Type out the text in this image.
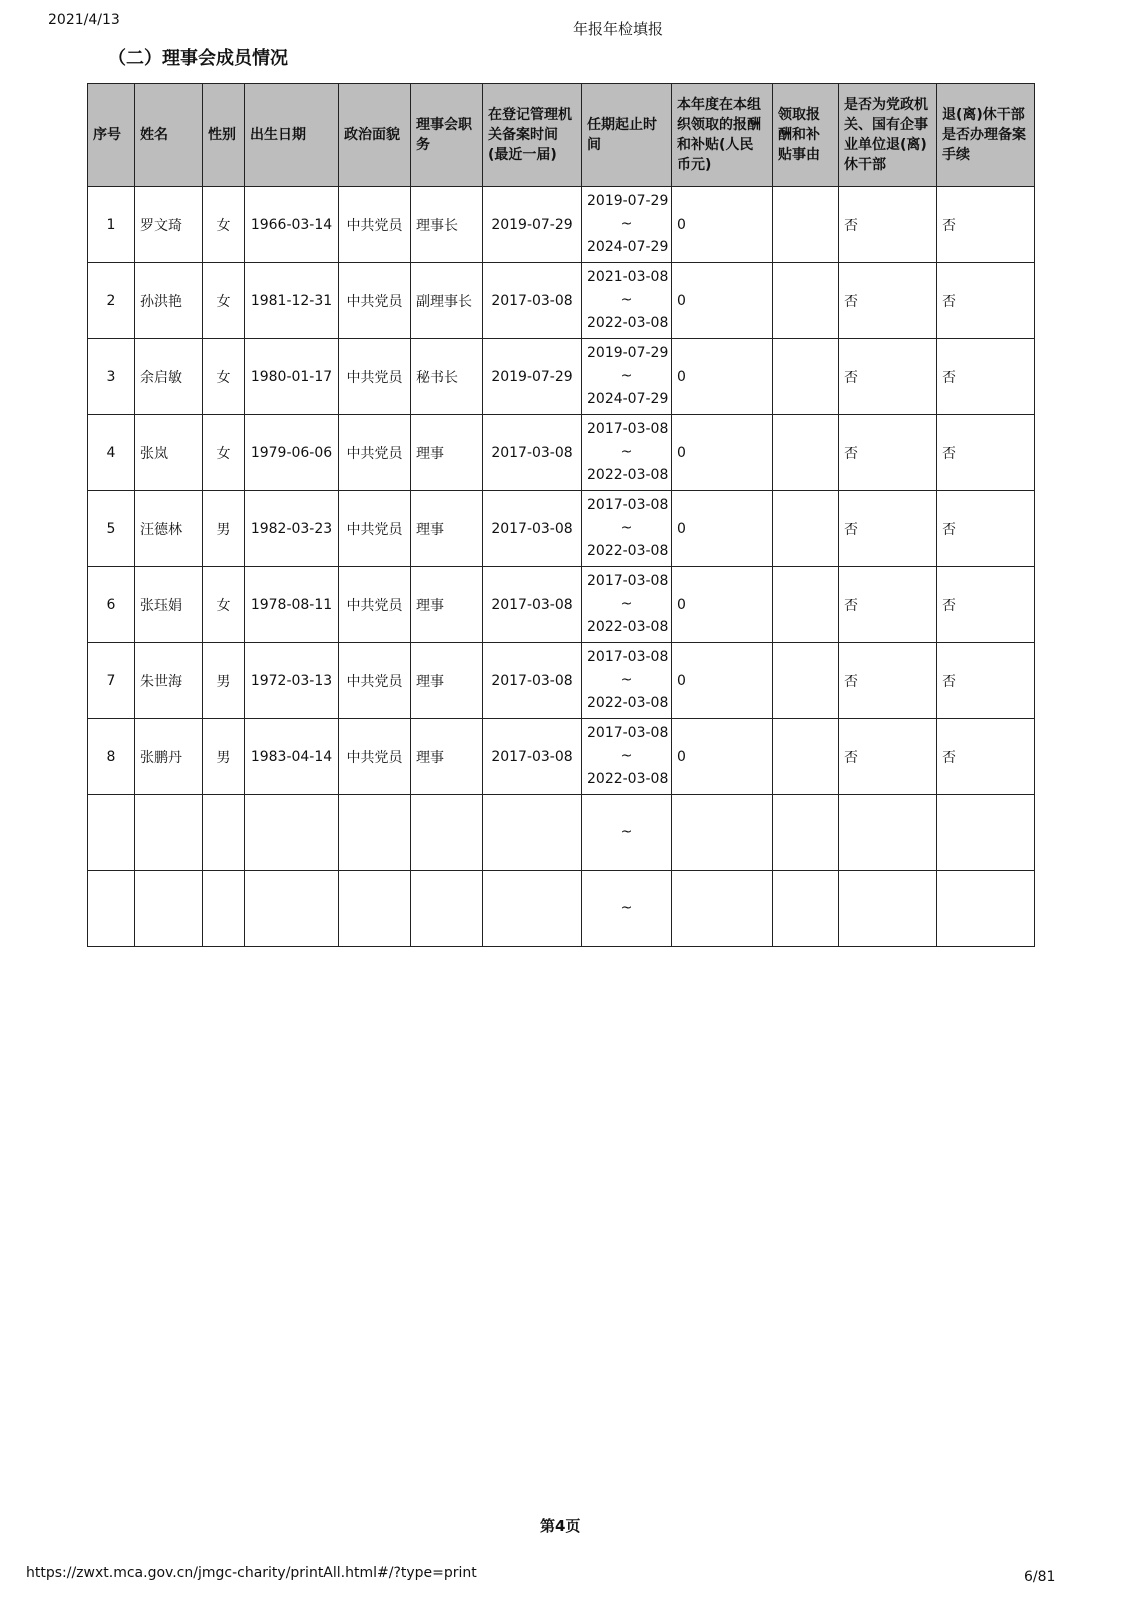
2021/4/13	年报年检填报
（二）理事会成员情况
序号	姓名	性别	出生日期	政治面貌	理事会职务	在登记管理机关备案时间(最近一届)	任期起止时间	本年度在本组织领取的报酬和补贴(人民币元)	领取报酬和补贴事由	是否为党政机关、国有企事业单位退(离)休干部	退(离)休干部是否办理备案手续
1	罗文琦	女	1966-03-14	中共党员	理事长	2019-07-29	2019-07-29
~
2024-07-29	0		否	否
2	孙洪艳	女	1981-12-31	中共党员	副理事长	2017-03-08	2021-03-08
~
2022-03-08	0		否	否
3	余启敏	女	1980-01-17	中共党员	秘书长	2019-07-29	2019-07-29
~
2024-07-29	0		否	否
4	张岚	女	1979-06-06	中共党员	理事	2017-03-08	2017-03-08
~
2022-03-08	0		否	否
5	汪德林	男	1982-03-23	中共党员	理事	2017-03-08	2017-03-08
~
2022-03-08	0		否	否
6	张珏娟	女	1978-08-11	中共党员	理事	2017-03-08	2017-03-08
~
2022-03-08	0		否	否
7	朱世海	男	1972-03-13	中共党员	理事	2017-03-08	2017-03-08
~
2022-03-08	0		否	否
8	张鹏丹	男	1983-04-14	中共党员	理事	2017-03-08	2017-03-08
~
2022-03-08	0		否	否

							~				

							~				

第4页
https://zwxt.mca.gov.cn/jmgc-charity/printAll.html#/?type=print	6/81
